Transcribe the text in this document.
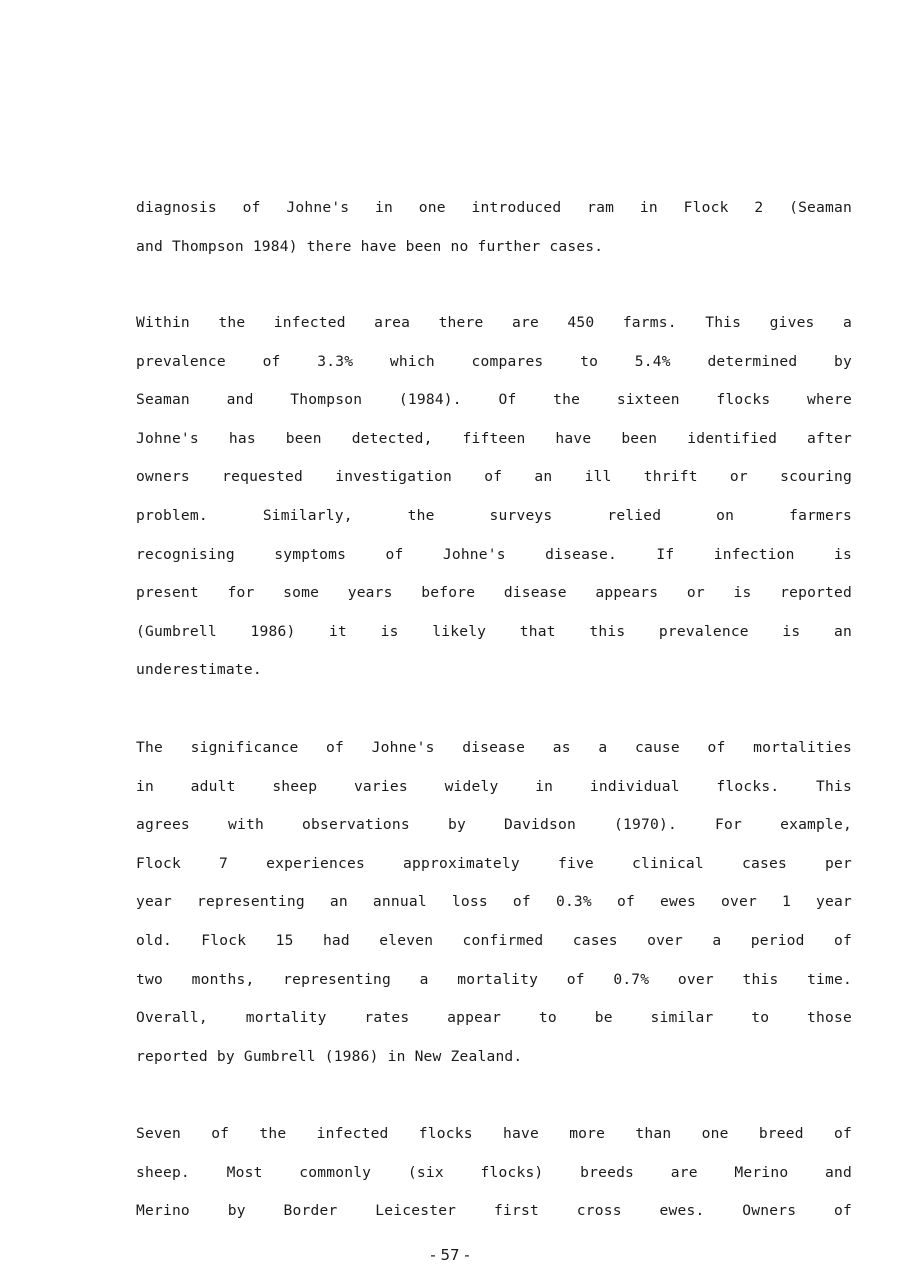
diagnosis of Johne's in one introduced ram in Flock 2 (Seaman
and Thompson 1984) there have been no further cases.
Within the infected area there are 450 farms. This gives a
prevalence of 3.3% which compares to 5.4% determined by
Seaman and Thompson (1984). Of the sixteen flocks where
Johne's has been detected, fifteen have been identified after
owners requested investigation of an ill thrift or scouring
problem. Similarly, the surveys relied on farmers
recognising symptoms of Johne's disease. If infection is
present for some years before disease appears or is reported
(Gumbrell 1986) it is likely that this prevalence is an
underestimate.
The significance of Johne's disease as a cause of mortalities
in adult sheep varies widely in individual flocks. This
agrees with observations by Davidson (1970). For example,
Flock 7 experiences approximately five clinical cases per
year representing an annual loss of 0.3% of ewes over 1 year
old. Flock 15 had eleven confirmed cases over a period of
two months, representing a mortality of 0.7% over this time.
Overall, mortality rates appear to be similar to those
reported by Gumbrell (1986) in New Zealand.
Seven of the infected flocks have more than one breed of
sheep. Most commonly (six flocks) breeds are Merino and
Merino by Border Leicester first cross ewes. Owners of
- 57 -
